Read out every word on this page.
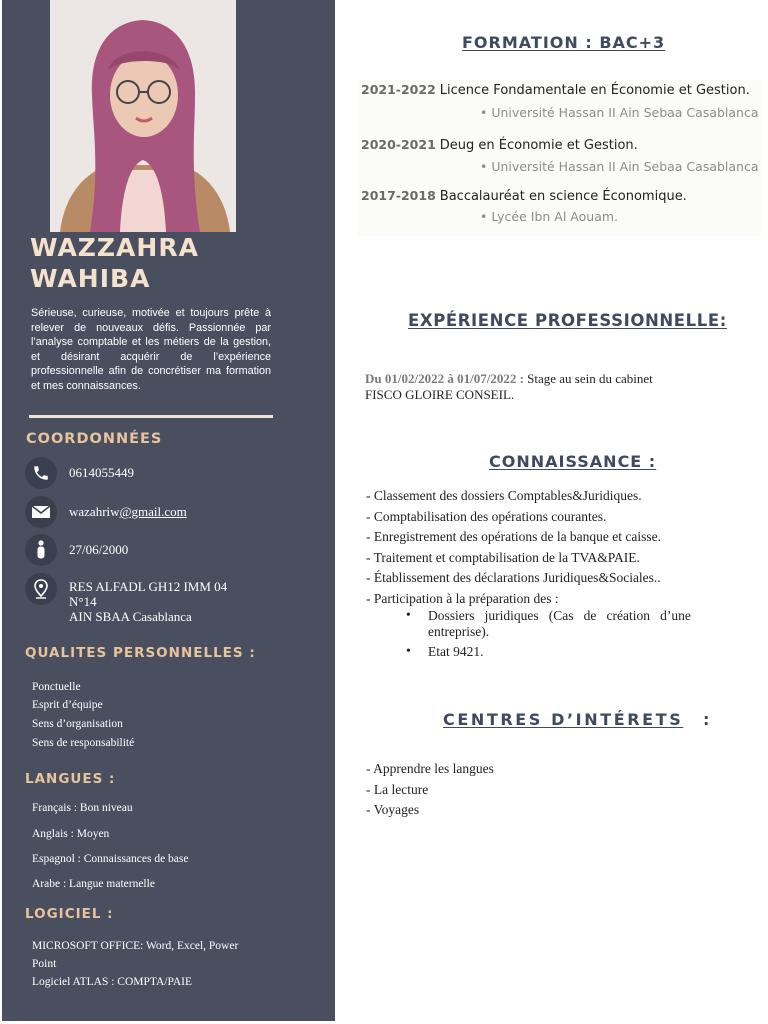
WAZZAHRA
WAHIBA
Sérieuse, curieuse, motivée et toujours prête à relever de nouveaux défis. Passionnée par l’analyse comptable et les métiers de la gestion, et désirant acquérir de l’expérience professionnelle afin de concrétiser ma formation et mes connaissances.
COORDONNÉES
0614055449
wazahriw@gmail.com
27/06/2000
RES ALFADL GH12 IMM 04
N°14
AIN SBAA Casablanca
QUALITES PERSONNELLES :
Ponctuelle
Esprit d’équipe
Sens d’organisation
Sens de responsabilité
LANGUES :
Français : Bon niveau
Anglais : Moyen
Espagnol : Connaissances de base
Arabe : Langue maternelle
LOGICIEL :
MICROSOFT OFFICE: Word, Excel, Power
Point
Logiciel ATLAS : COMPTA/PAIE
FORMATION : BAC+3
2021-2022 Licence Fondamentale en Économie et Gestion.
• Université Hassan II Ain Sebaa Casablanca
2020-2021 Deug en Économie et Gestion.
• Université Hassan II Ain Sebaa Casablanca
2017-2018 Baccalauréat en science Économique.
• Lycée Ibn Al Aouam.
EXPÉRIENCE PROFESSIONNELLE:
Du 01/02/2022 à 01/07/2022 : Stage au sein du cabinet
FISCO GLOIRE CONSEIL.
CONNAISSANCE :
- Classement des dossiers Comptables&Juridiques.
- Comptabilisation des opérations courantes.
- Enregistrement des opérations de la banque et caisse.
- Traitement et comptabilisation de la TVA&PAIE.
- Établissement des déclarations Juridiques&Sociales..
- Participation à la préparation des :
• Dossiers   juridiques   (Cas   de   création   d’une
entreprise).
• Etat 9421.
CENTRES D’INTÉRETS :
- Apprendre les langues
- La lecture
- Voyages
